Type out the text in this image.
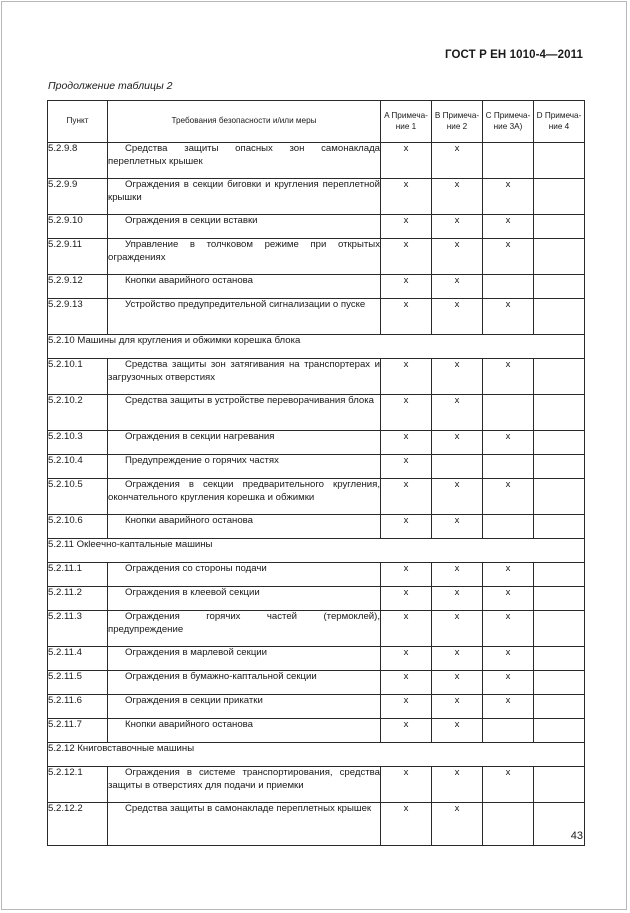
ГОСТ Р ЕН 1010-4—2011
Продолжение таблицы 2
Пункт	Требования безопасности и/или меры	A Примеча-ние 1	B Примеча-ние 2	C Примеча-ние 3А)	D Примеча-ние 4
5.2.9.8	Средства защиты опасных зон самонаклада переплетных крышек	x	x		
5.2.9.9	Ограждения в секции биговки и кругления переплетной крышки	x	x	x	
5.2.9.10	Ограждения в секции вставки	x	x	x	
5.2.9.11	Управление в толчковом режиме при открытых ограждениях	x	x	x	
5.2.9.12	Кнопки аварийного останова	x	x		
5.2.9.13	Устройство предупредительной сигнализации о пуске	x	x	x	
5.2.10 Машины для кругления и обжимки корешка блока					
5.2.10.1	Средства защиты зон затягивания на транспортерах и загрузочных отверстиях	x	x	x	
5.2.10.2	Средства защиты в устройстве переворачивания блока	x	x		
5.2.10.3	Ограждения в секции нагревания	x	x	x	
5.2.10.4	Предупреждение о горячих частях	x			
5.2.10.5	Ограждения в секции предварительного кругления, окончательного кругления корешка и обжимки	x	x	x	
5.2.10.6	Кнопки аварийного останова	x	x		
5.2.11 Окleeчно-каптальные машины					
5.2.11.1	Ограждения со стороны подачи	x	x	x	
5.2.11.2	Ограждения в клеевой секции	x	x	x	
5.2.11.3	Ограждения горячих частей (термоклей), предупреждение	x	x	x	
5.2.11.4	Ограждения в марлевой секции	x	x	x	
5.2.11.5	Ограждения в бумажно-каптальной секции	x	x	x	
5.2.11.6	Ограждения в секции прикатки	x	x	x	
5.2.11.7	Кнопки аварийного останова	x	x		
5.2.12 Книговставочные машины					
5.2.12.1	Ограждения в системе транспортирования, средства защиты в отверстиях для подачи и приемки	x	x	x	
5.2.12.2	Средства защиты в самонакладе переплетных крышек	x	x		
43
